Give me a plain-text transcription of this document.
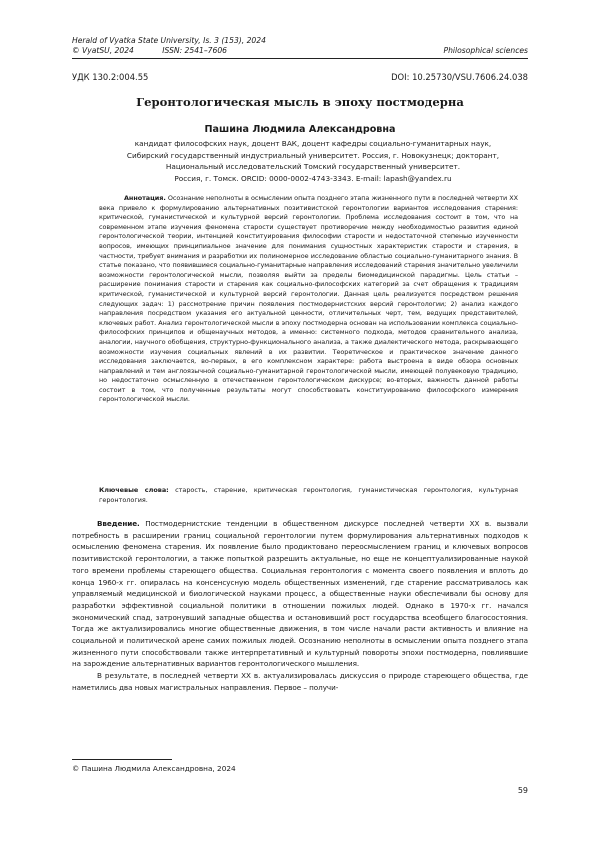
Herald of Vyatka State University, Is. 3 (153), 2024
© VyatSU, 2024	ISSN: 2541–7606	Philosophical sciences
УДК 130.2:004.55	DOI: 10.25730/VSU.7606.24.038
Геронтологическая мысль в эпоху постмодерна
Пашина Людмила Александровна
кандидат философских наук, доцент ВАК, доцент кафедры социально-гуманитарных наук,
Сибирский государственный индустриальный университет. Россия, г. Новокузнецк; докторант,
Национальный исследовательский Томский государственный университет.
Россия, г. Томск. ORCID: 0000-0002-4743-3343. E-mail: lapash@yandex.ru
Аннотация. Осознание неполноты в осмыслении опыта позднего этапа жизненного пути в последней четверти XX века привело к формулированию альтернативных позитивистской геронтологии вариантов исследования старения: критической, гуманистической и культурной версий геронтологии. Проблема исследования состоит в том, что на современном этапе изучения феномена старости существует противоречие между необходимостью развития единой геронтологической теории, интенцией конституирования философии старости и недостаточной степенью изученности вопросов, имеющих принципиальное значение для понимания сущностных характеристик старости и старения, в частности, требует внимания и разработки их полиномерное исследование областью социально-гуманитарного знания. В статье показано, что появившиеся социально-гуманитарные направления исследований старения значительно увеличили возможности геронтологической мысли, позволяя выйти за пределы биомедицинской парадигмы. Цель статьи – расширение понимания старости и старения как социально-философских категорий за счет обращения к традициям критической, гуманистической и культурной версий геронтологии. Данная цель реализуется посредством решения следующих задач: 1) рассмотрение причин появления постмодернистских версий геронтологии; 2) анализ каждого направления посредством указания его актуальной ценности, отличительных черт, тем, ведущих представителей, ключевых работ. Анализ геронтологической мысли в эпоху постмодерна основан на использовании комплекса социально-философских принципов и общенаучных методов, а именно: системного подхода, методов сравнительного анализа, аналогии, научного обобщения, структурно-функционального анализа, а также диалектического метода, раскрывающего возможности изучения социальных явлений в их развитии. Теоретическое и практическое значение данного исследования заключается, во-первых, в его комплексном характере: работа выстроена в виде обзора основных направлений и тем англоязычной социально-гуманитарной геронтологической мысли, имеющей полувековую традицию, но недостаточно осмысленную в отечественном геронтологическом дискурсе; во-вторых, важность данной работы состоит в том, что полученные результаты могут способствовать конституированию философского измерения геронтологической мысли.
Ключевые слова: старость, старение, критическая геронтология, гуманистическая геронтология, культурная геронтология.

Введение. Постмодернистские тенденции в общественном дискурсе последней четверти XX в. вызвали потребность в расширении границ социальной геронтологии путем формулирования альтернативных подходов к осмыслению феномена старения. Их появление было продиктовано переосмыслением границ и ключевых вопросов позитивистской геронтологии, а также попыткой разрешить актуальные, но еще не концептуализированные наукой того времени проблемы стареющего общества. Социальная геронтология с момента своего появления и вплоть до конца 1960-х гг. опиралась на консенсусную модель общественных изменений, где старение рассматривалось как управляемый медицинской и биологической науками процесс, а общественные науки обеспечивали бы основу для разработки эффективной социальной политики в отношении пожилых людей. Однако в 1970-х гг. начался экономический спад, затронувший западные общества и остановивший рост государства всеобщего благосостояния. Тогда же актуализировались многие общественные движения, в том числе начали расти активность и влияние на социальной и политической арене самих пожилых людей. Осознанию неполноты в осмыслении опыта позднего этапа жизненного пути способствовали также интерпретативный и культурный повороты эпохи постмодерна, повлиявшие на зарождение альтернативных вариантов геронтологического мышления.

В результате, в последней четверти XX в. актуализировалась дискуссия о природе стареющего общества, где наметились два новых магистральных направления. Первое – получи-

© Пашина Людмила Александровна, 2024
59
